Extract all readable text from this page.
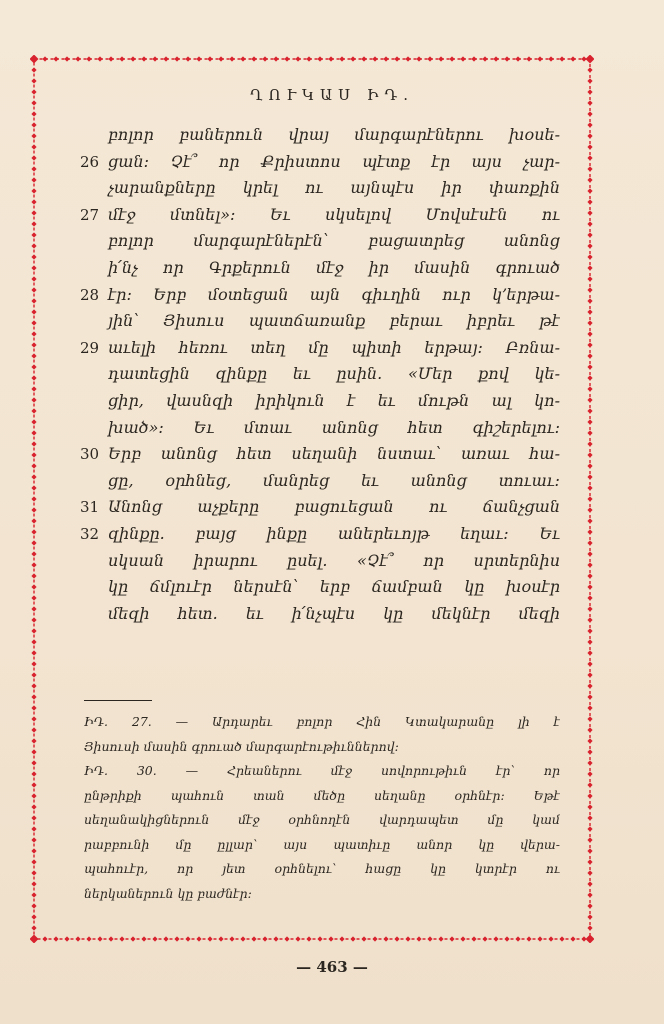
ՂՈՒԿԱՍ ԻԴ.
բոլոր բաներուն վրայ մարգարէներու խօսե-
26 ցան։ Չէ՞ որ Քրիստոս պէտք էր այս չար-
չարանքները կրել ու այնպէս իր փառքին
27 մէջ մտնել»։ Եւ սկսելով Մովսէսէն ու
բոլոր մարգարէներէն՝ բացատրեց անոնց
ի՛նչ որ Գրքերուն մէջ իր մասին գրուած
28 էր։ Երբ մօտեցան այն գիւղին ուր կ՚երթա-
յին՝ Յիսուս պատճառանք բերաւ իբրեւ թէ
29 աւելի հեռու տեղ մը պիտի երթայ։ Բռնա-
դատեցին զինքը եւ ըսին. «Մեր քով կե-
ցիր, վասնզի իրիկուն է եւ մութն ալ կո-
խած»։ Եւ մտաւ անոնց հետ գիշերելու։
30 Երբ անոնց հետ սեղանի նստաւ՝ առաւ հա-
ցը, օրհնեց, մանրեց եւ անոնց տուաւ։
31 Անոնց աչքերը բացուեցան ու ճանչցան
32 զինքը. բայց ինքը աներեւոյթ եղաւ։ Եւ
սկսան իրարու ըսել. «Չէ՞ որ սրտերնիս
կը ճմլուէր ներսէն՝ երբ ճամբան կը խօսէր
մեզի հետ. եւ ի՛նչպէս կը մեկնէր մեզի
ԻԴ. 27. — Արդարեւ բոլոր Հին Կտակարանը լի է
Յիսուսի մասին գրուած մարգարէութիւններով։
ԻԴ. 30. — Հրեաներու մէջ սովորութիւն էր՝ որ
ընթրիքի պահուն տան մեծը սեղանը օրհնէր։ Եթէ
սեղանակիցներուն մէջ օրհնողէն վարդապետ մը կամ
րաբբունի մը ըլլար՝ այս պատիւը անոր կը վերա-
պահուէր, որ յետ օրհնելու՝ հացը կը կտրէր ու
ներկաներուն կը բաժնէր։
— 463 —
